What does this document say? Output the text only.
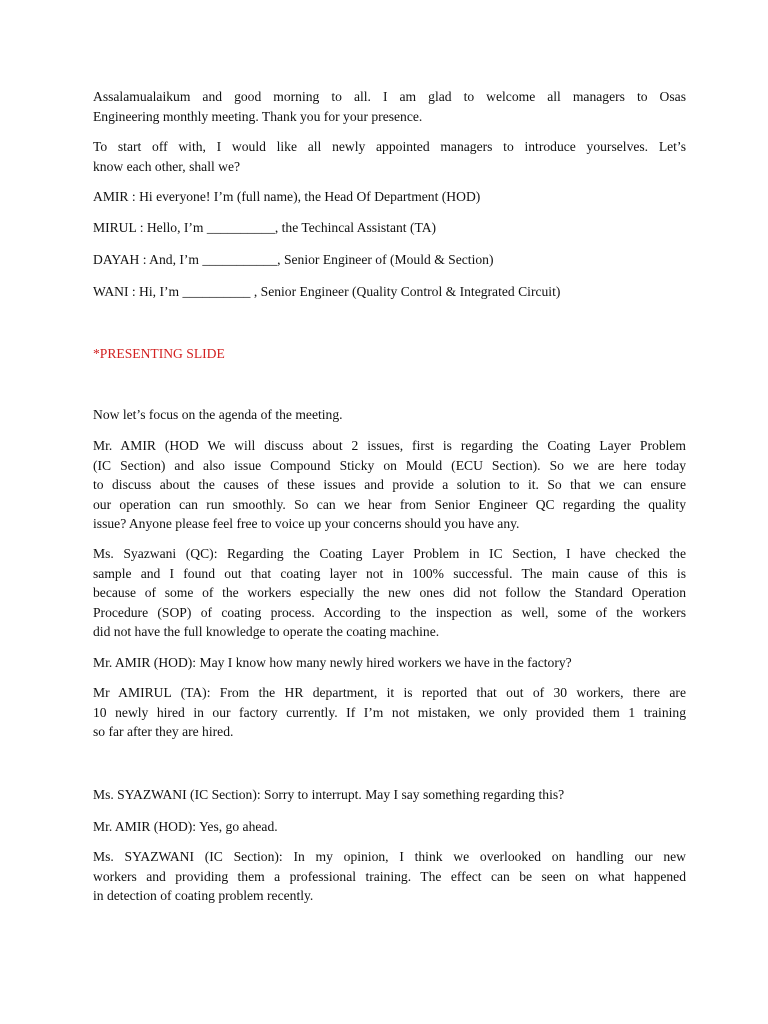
Assalamualaikum and good morning to all. I am glad to welcome all managers to Osas
Engineering monthly meeting. Thank you for your presence.
To start off with, I would like all newly appointed managers to introduce yourselves. Let’s
know each other, shall we?
AMIR : Hi everyone! I’m (full name), the Head Of Department (HOD)
MIRUL : Hello, I’m __________, the Techincal Assistant (TA)
DAYAH : And, I’m ___________, Senior Engineer of (Mould & Section)
WANI : Hi, I’m __________ , Senior Engineer (Quality Control & Integrated Circuit)
*PRESENTING SLIDE
Now let’s focus on the agenda of the meeting.
Mr. AMIR (HOD We will discuss about 2 issues, first is regarding the Coating Layer Problem
(IC Section) and also issue Compound Sticky on Mould (ECU Section). So we are here today
to discuss about the causes of these issues and provide a solution to it. So that we can ensure
our operation can run smoothly. So can we hear from Senior Engineer QC regarding the quality
issue? Anyone please feel free to voice up your concerns should you have any.
Ms. Syazwani (QC): Regarding the Coating Layer Problem in IC Section, I have checked the
sample and I found out that coating layer not in 100% successful. The main cause of this is
because of some of the workers especially the new ones did not follow the Standard Operation
Procedure (SOP) of coating process. According to the inspection as well, some of the workers
did not have the full knowledge to operate the coating machine.
Mr. AMIR (HOD): May I know how many newly hired workers we have in the factory?
Mr AMIRUL (TA): From the HR department, it is reported that out of 30 workers, there are
10 newly hired in our factory currently. If I’m not mistaken, we only provided them 1 training
so far after they are hired.
Ms. SYAZWANI (IC Section): Sorry to interrupt. May I say something regarding this?
Mr. AMIR (HOD): Yes, go ahead.
Ms. SYAZWANI (IC Section): In my opinion, I think we overlooked on handling our new
workers and providing them a professional training. The effect can be seen on what happened
in detection of coating problem recently.
